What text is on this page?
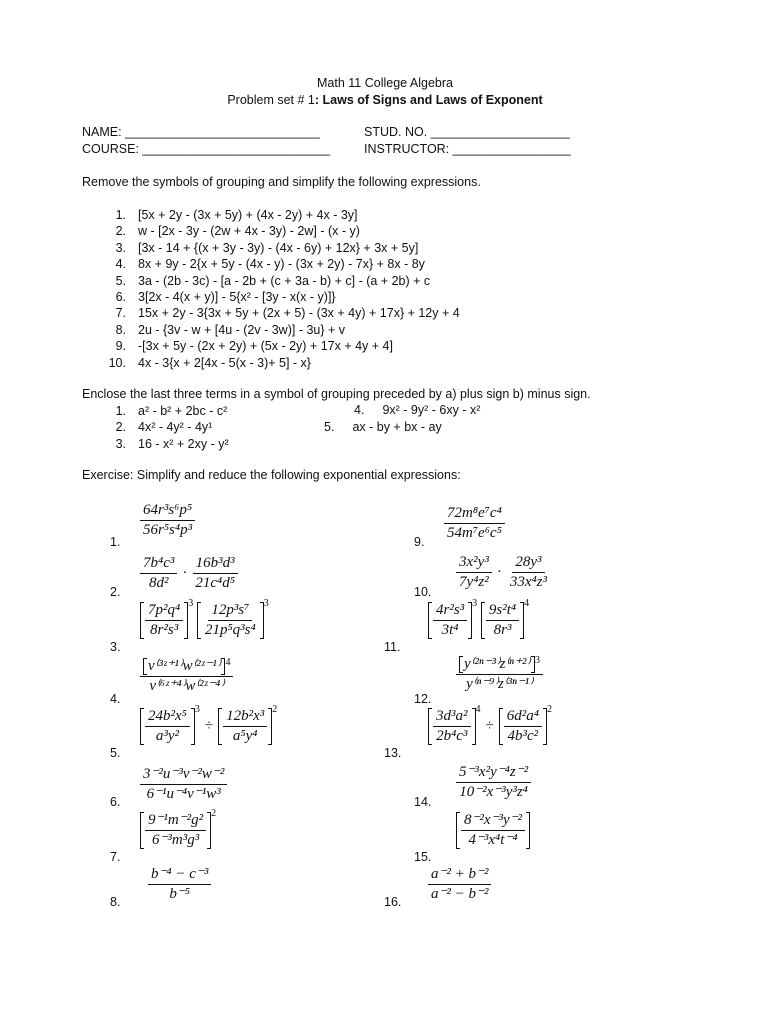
Math 11 College Algebra
Problem set # 1: Laws of Signs and Laws of Exponent
NAME: ____________________________	STUD. NO. ____________________
COURSE: ___________________________	INSTRUCTOR: _________________
Remove the symbols of grouping and simplify the following expressions.
1. [5x + 2y - (3x + 5y) + (4x - 2y) + 4x - 3y]
2. w - [2x - 3y - (2w + 4x - 3y) - 2w] - (x - y)
3. [3x - 14 + {(x + 3y - 3y) - (4x - 6y) + 12x} + 3x + 5y]
4. 8x + 9y - 2{x + 5y - (4x - y) - (3x + 2y) - 7x} + 8x - 8y
5. 3a - (2b - 3c) - [a - 2b + (c + 3a - b) + c] - (a + 2b) + c
6. 3[2x - 4(x + y)] - 5{x² - [3y - x(x - y)]}
7. 15x + 2y - 3{3x + 5y + (2x + 5) - (3x + 4y) + 17x} + 12y + 4
8. 2u - {3v - w + [4u - (2v - 3w)] - 3u} + v
9. -[3x + 5y - (2x + 2y) + (5x - 2y) + 17x + 4y + 4]
10. 4x - 3{x + 2[4x - 5(x - 3)+ 5] - x}
Enclose the last three terms in a symbol of grouping preceded by a) plus sign b) minus sign.
1. a² - b² + 2bc - c²
2. 4x² - 4y² - 4y¹
3. 16 - x² + 2xy - y²
4. 9x² - 9y² - 6xy - x²
5. ax - by + bx - ay
Exercise: Simplify and reduce the following exponential expressions:
1.
2.
3.
4.
5.
6.
7.
8.
9.
10.
11.
12.
13.
14.
15.
16.
$\frac{\text{64r³s⁶p⁵}}{\text{56r⁵s⁴p³}}$
$\frac{\text{7b⁴c³}}{\text{8d²}} \cdot \frac{\text{16b³d³}}{\text{21c⁴d⁵}}$
$\frac{\text{7p²q⁴}}{\text{8r²s³}} ^3 \frac{\text{12p³s⁷}}{\text{21p⁵q³s⁴}} ^3$
$\frac{v^{(3}ᶻ^{+1)}w^{(2}ᶻ^{-1)} ^4}{\text{v⁽⁶ᶻ⁺⁴⁾w⁽²ᶻ⁻⁴⁾}}$
$\frac{\text{24b²x⁵}}{\text{a³y²}} ^3\div \frac{\text{12b²x³}}{\text{a⁵y⁴}} ^2$
$\frac{\text{3⁻²u⁻³v⁻²w⁻²}}{\text{6⁻¹u⁻⁴v⁻¹w³}}$
$\frac{\text{9⁻¹m⁻²g²}}{\text{6⁻³m³g³}} ^2$
$\frac{\text{b⁻⁴ − c⁻³}}{\text{b⁻⁵}}$
$\frac{\text{72m⁸e⁷c⁴}}{\text{54m⁷e⁶c⁵}}$
$\frac{\text{3x²y³}}{\text{7y⁴z²}} \cdot \frac{\text{28y³}}{\text{33x⁴z³}}$
$\frac{\text{4r²s³}}{\text{3t⁴}} ^3 \frac{\text{9s²t⁴}}{\text{8r³}} ^4$
$\frac{y^{(2n-3)}z^{(n+2)} ^3}{\text{y⁽ⁿ⁻⁹⁾z⁽³ⁿ⁻¹⁾}}$
$\frac{\text{3d³a²}}{\text{2b⁴c³}} ^4\div \frac{\text{6d²a⁴}}{\text{4b³c²}} ^2$
$\frac{\text{5⁻³x²y⁻⁴z⁻²}}{\text{10⁻²x⁻³y³z⁴}}$
$\frac{\text{8⁻²x⁻³y⁻²}}{\text{4⁻³x⁴t⁻⁴}}$
$\frac{\text{a⁻² + b⁻²}}{\text{a⁻² − b⁻²}}$
